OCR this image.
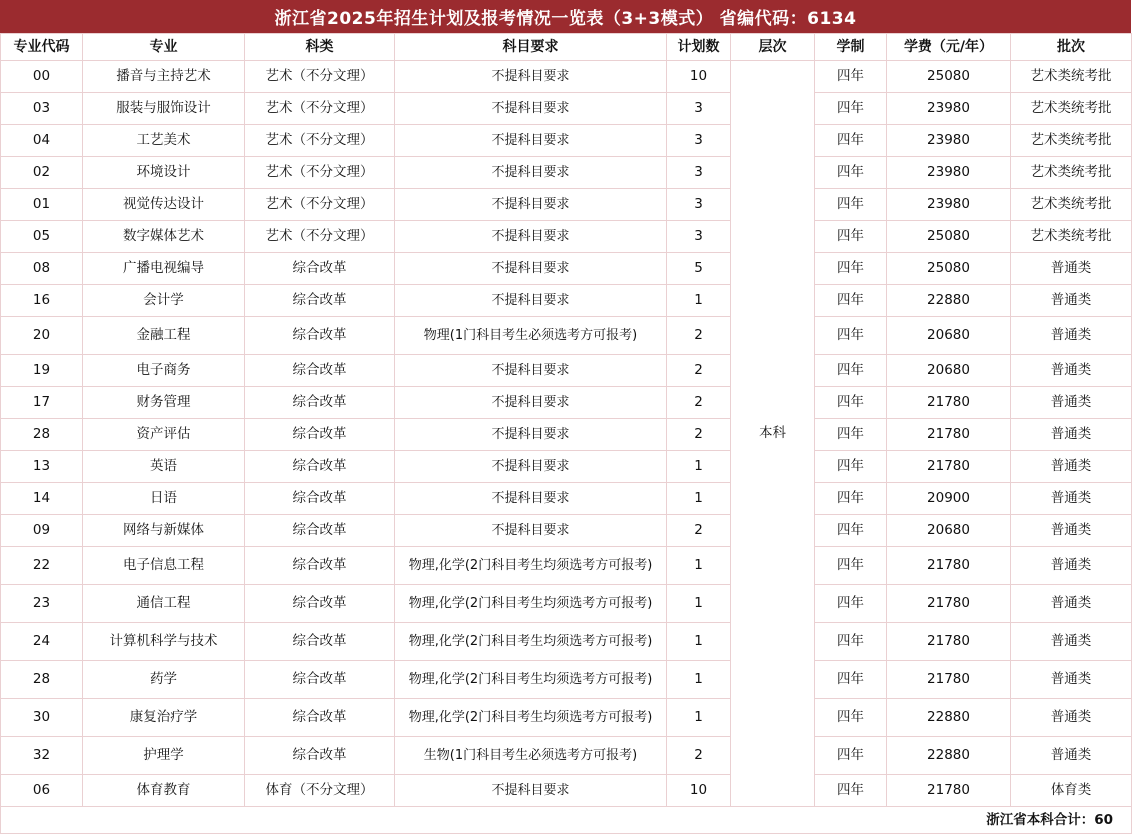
浙江省2025年招生计划及报考情况一览表（3+3模式） 省编代码：6134
专业代码	专业	科类	科目要求	计划数	层次	学制	学费（元/年）	批次
00	播音与主持艺术	艺术（不分文理）	不提科目要求	10	本科	四年	25080	艺术类统考批
03	服装与服饰设计	艺术（不分文理）	不提科目要求	3		四年	23980	艺术类统考批
04	工艺美术	艺术（不分文理）	不提科目要求	3		四年	23980	艺术类统考批
02	环境设计	艺术（不分文理）	不提科目要求	3		四年	23980	艺术类统考批
01	视觉传达设计	艺术（不分文理）	不提科目要求	3		四年	23980	艺术类统考批
05	数字媒体艺术	艺术（不分文理）	不提科目要求	3		四年	25080	艺术类统考批
08	广播电视编导	综合改革	不提科目要求	5		四年	25080	普通类
16	会计学	综合改革	不提科目要求	1		四年	22880	普通类
20	金融工程	综合改革	物理(1门科目考生必须选考方可报考)	2		四年	20680	普通类
19	电子商务	综合改革	不提科目要求	2		四年	20680	普通类
17	财务管理	综合改革	不提科目要求	2		四年	21780	普通类
28	资产评估	综合改革	不提科目要求	2		四年	21780	普通类
13	英语	综合改革	不提科目要求	1		四年	21780	普通类
14	日语	综合改革	不提科目要求	1		四年	20900	普通类
09	网络与新媒体	综合改革	不提科目要求	2		四年	20680	普通类
22	电子信息工程	综合改革	物理,化学(2门科目考生均须选考方可报考)	1		四年	21780	普通类
23	通信工程	综合改革	物理,化学(2门科目考生均须选考方可报考)	1		四年	21780	普通类
24	计算机科学与技术	综合改革	物理,化学(2门科目考生均须选考方可报考)	1		四年	21780	普通类
28	药学	综合改革	物理,化学(2门科目考生均须选考方可报考)	1		四年	21780	普通类
30	康复治疗学	综合改革	物理,化学(2门科目考生均须选考方可报考)	1		四年	22880	普通类
32	护理学	综合改革	生物(1门科目考生必须选考方可报考)	2		四年	22880	普通类
06	体育教育	体育（不分文理）	不提科目要求	10		四年	21780	体育类
浙江省本科合计：60								
